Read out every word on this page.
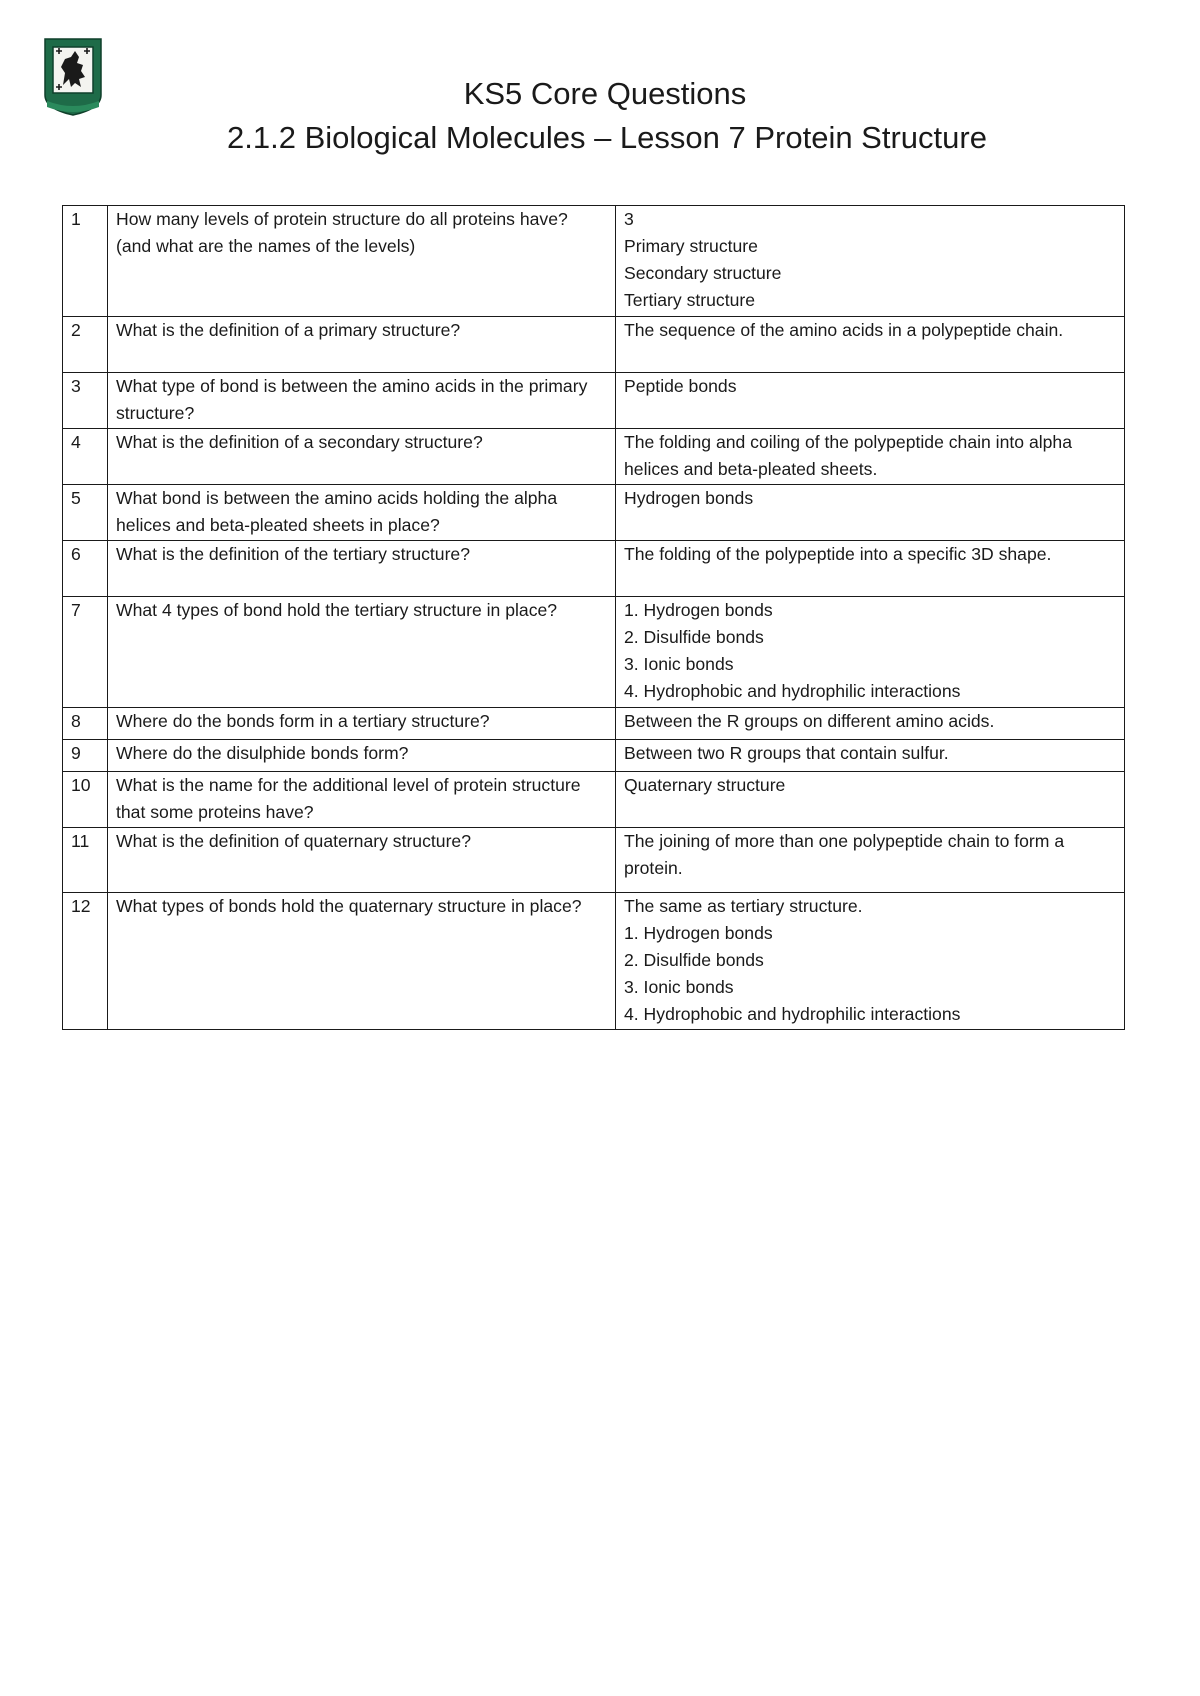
KS5 Core Questions
2.1.2 Biological Molecules – Lesson 7 Protein Structure
1	How many levels of protein structure do all proteins have? (and what are the names of the levels)	3
Primary structure
Secondary structure
Tertiary structure

2	What is the definition of a primary structure?	The sequence of the amino acids in a polypeptide chain.

3	What type of bond is between the amino acids in the primary structure?	Peptide bonds

4	What is the definition of a secondary structure?	The folding and coiling of the polypeptide chain into alpha helices and beta-pleated sheets.

5	What bond is between the amino acids holding the alpha helices and beta-pleated sheets in place?	Hydrogen bonds

6	What is the definition of the tertiary structure?	The folding of the polypeptide into a specific 3D shape.

7	What 4 types of bond hold the tertiary structure in place?	1. Hydrogen bonds
2. Disulfide bonds
3. Ionic bonds
4. Hydrophobic and hydrophilic interactions

8	Where do the bonds form in a tertiary structure?	Between the R groups on different amino acids.

9	Where do the disulphide bonds form?	Between two R groups that contain sulfur.

10	What is the name for the additional level of protein structure that some proteins have?	Quaternary structure

11	What is the definition of quaternary structure?	The joining of more than one polypeptide chain to form a protein.

12	What types of bonds hold the quaternary structure in place?	The same as tertiary structure.
1. Hydrogen bonds
2. Disulfide bonds
3. Ionic bonds
4. Hydrophobic and hydrophilic interactions
